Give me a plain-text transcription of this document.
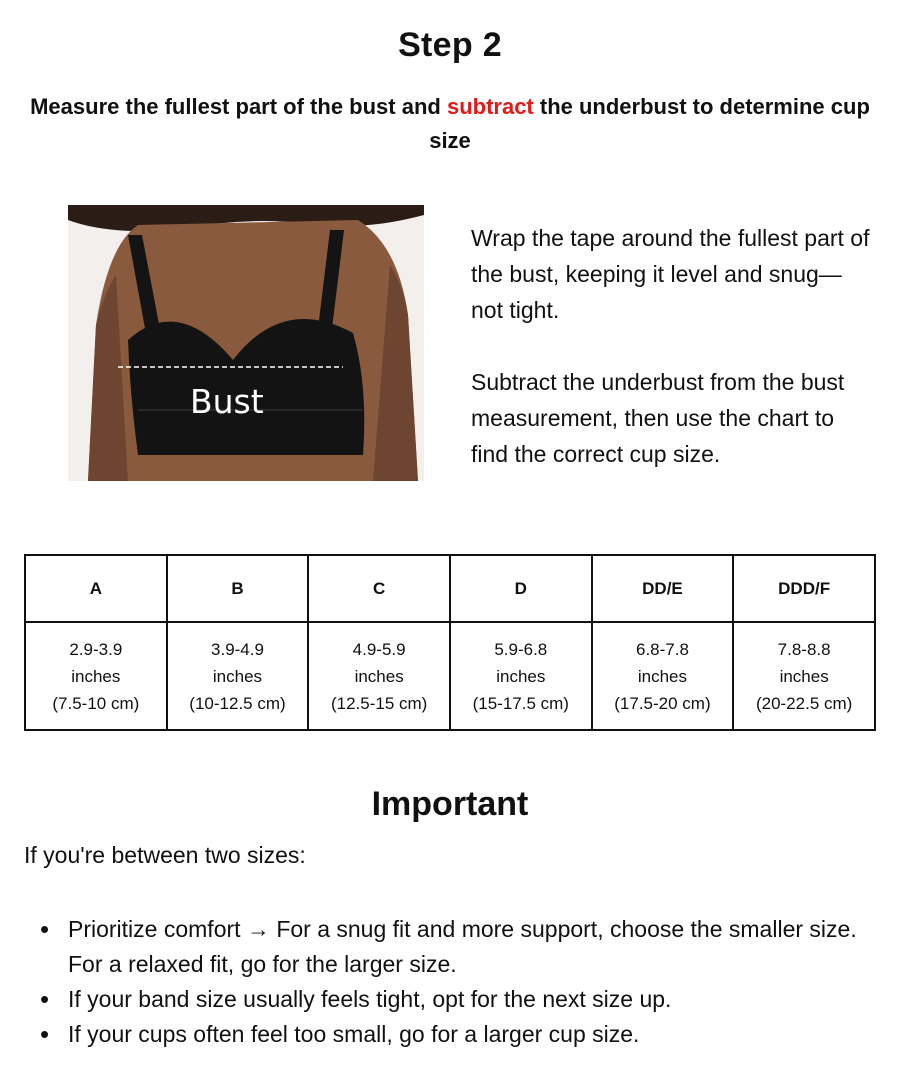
Step 2

Measure the fullest part of the bust and subtract the underbust to determine cup size

Bust

Wrap the tape around the fullest part of the bust, keeping it level and snug—not tight.

Subtract the underbust from the bust measurement, then use the chart to find the correct cup size.

A	B	C	D	DD/E	DDD/F

2.9-3.9
inches
(7.5-10 cm)	3.9-4.9
inches
(10-12.5 cm)	4.9-5.9
inches
(12.5-15 cm)	5.9-6.8
inches
(15-17.5 cm)	6.8-7.8
inches
(17.5-20 cm)	7.8-8.8
inches
(20-22.5 cm)
Important

If you're between two sizes:

• Prioritize comfort → For a snug fit and more support, choose the smaller size. For a relaxed fit, go for the larger size.
• If your band size usually feels tight, opt for the next size up.
• If your cups often feel too small, go for a larger cup size.
